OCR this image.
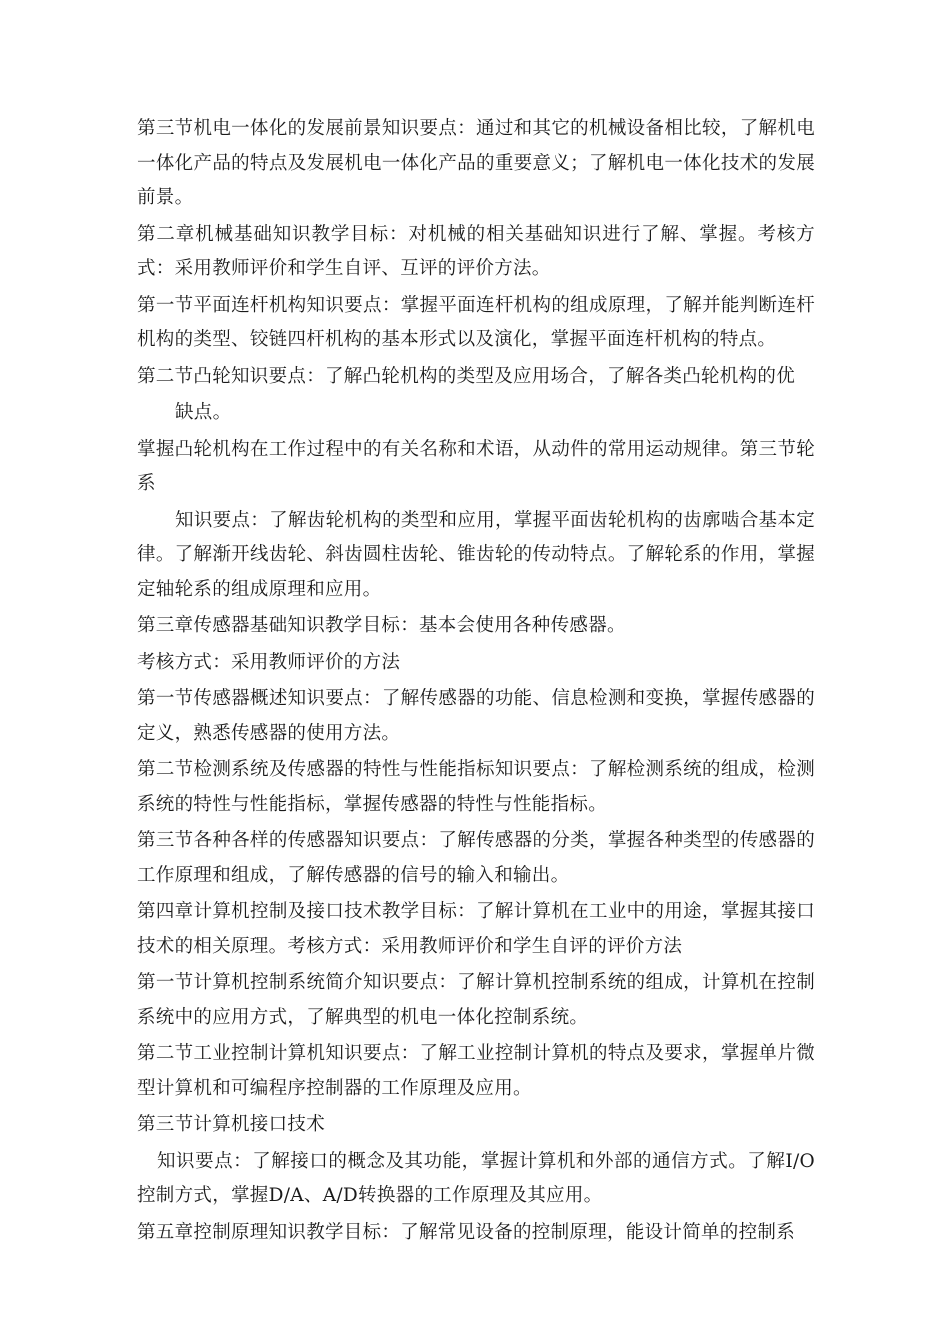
第三节机电一体化的发展前景知识要点：通过和其它的机械设备相比较，了解机电一体化产品的特点及发展机电一体化产品的重要意义；了解机电一体化技术的发展前景。

第二章机械基础知识教学目标：对机械的相关基础知识进行了解、掌握。考核方式：采用教师评价和学生自评、互评的评价方法。

第一节平面连杆机构知识要点：掌握平面连杆机构的组成原理，了解并能判断连杆机构的类型、铰链四杆机构的基本形式以及演化，掌握平面连杆机构的特点。

第二节凸轮知识要点：了解凸轮机构的类型及应用场合，了解各类凸轮机构的优

缺点。

掌握凸轮机构在工作过程中的有关名称和术语，从动件的常用运动规律。第三节轮系

知识要点：了解齿轮机构的类型和应用，掌握平面齿轮机构的齿廓啮合基本定律。了解渐开线齿轮、斜齿圆柱齿轮、锥齿轮的传动特点。了解轮系的作用，掌握定轴轮系的组成原理和应用。

第三章传感器基础知识教学目标：基本会使用各种传感器。

考核方式：采用教师评价的方法

第一节传感器概述知识要点：了解传感器的功能、信息检测和变换，掌握传感器的定义，熟悉传感器的使用方法。

第二节检测系统及传感器的特性与性能指标知识要点：了解检测系统的组成，检测系统的特性与性能指标，掌握传感器的特性与性能指标。

第三节各种各样的传感器知识要点：了解传感器的分类，掌握各种类型的传感器的工作原理和组成，了解传感器的信号的输入和输出。

第四章计算机控制及接口技术教学目标：了解计算机在工业中的用途，掌握其接口技术的相关原理。考核方式：采用教师评价和学生自评的评价方法

第一节计算机控制系统简介知识要点：了解计算机控制系统的组成，计算机在控制系统中的应用方式，了解典型的机电一体化控制系统。

第二节工业控制计算机知识要点：了解工业控制计算机的特点及要求，掌握单片微型计算机和可编程序控制器的工作原理及应用。

第三节计算机接口技术

知识要点：了解接口的概念及其功能，掌握计算机和外部的通信方式。了解I/O控制方式，掌握D/A、A/D转换器的工作原理及其应用。

第五章控制原理知识教学目标：了解常见设备的控制原理，能设计简单的控制系
